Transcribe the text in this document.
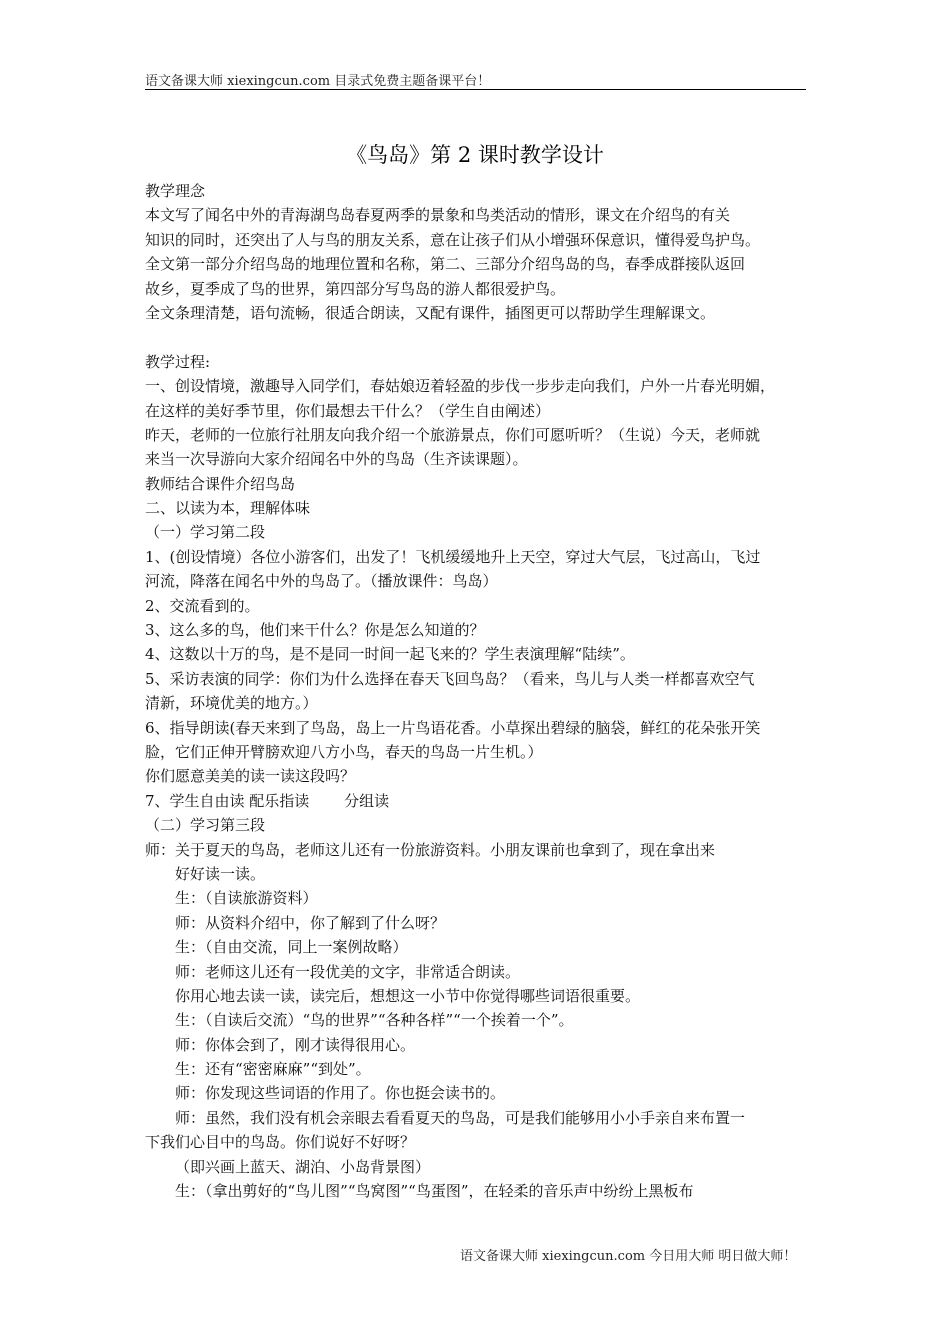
语文备课大师 xiexingcun.com 目录式免费主题备课平台！
《鸟岛》第 2 课时教学设计
教学理念
本文写了闻名中外的青海湖鸟岛春夏两季的景象和鸟类活动的情形，课文在介绍鸟的有关
知识的同时，还突出了人与鸟的朋友关系，意在让孩子们从小增强环保意识，懂得爱鸟护鸟。
全文第一部分介绍鸟岛的地理位置和名称，第二、三部分介绍鸟岛的鸟，春季成群接队返回
故乡，夏季成了鸟的世界，第四部分写鸟岛的游人都很爱护鸟。
全文条理清楚，语句流畅，很适合朗读，又配有课件，插图更可以帮助学生理解课文。
教学过程:
一、创设情境，激趣导入同学们，春姑娘迈着轻盈的步伐一步步走向我们，户外一片春光明媚，
在这样的美好季节里，你们最想去干什么？（学生自由阐述）
昨天，老师的一位旅行社朋友向我介绍一个旅游景点，你们可愿听听？（生说）今天，老师就
来当一次导游向大家介绍闻名中外的鸟岛（生齐读课题）。
教师结合课件介绍鸟岛
二、以读为本，理解体味
（一）学习第二段
1、(创设情境）各位小游客们，出发了！飞机缓缓地升上天空，穿过大气层，飞过高山，飞过
河流，降落在闻名中外的鸟岛了。（播放课件：鸟岛）
2、交流看到的。
3、这么多的鸟，他们来干什么？你是怎么知道的？
4、这数以十万的鸟，是不是同一时间一起飞来的？学生表演理解“陆续”。
5、采访表演的同学：你们为什么选择在春天飞回鸟岛？（看来，鸟儿与人类一样都喜欢空气
清新，环境优美的地方。）
6、指导朗读(春天来到了鸟岛，岛上一片鸟语花香。小草探出碧绿的脑袋，鲜红的花朵张开笑
脸，它们正伸开臂膀欢迎八方小鸟，春天的鸟岛一片生机。）
你们愿意美美的读一读这段吗？
7、学生自由读 配乐指读　　 分组读
（二）学习第三段
师：关于夏天的鸟岛，老师这儿还有一份旅游资料。小朋友课前也拿到了，现在拿出来
好好读一读。
生：（自读旅游资料）
师：从资料介绍中，你了解到了什么呀？
生：（自由交流，同上一案例故略）
师：老师这儿还有一段优美的文字，非常适合朗读。
你用心地去读一读，读完后，想想这一小节中你觉得哪些词语很重要。
生：（自读后交流）“鸟的世界”“各种各样”“一个挨着一个”。
师：你体会到了，刚才读得很用心。
生：还有“密密麻麻”“到处”。
师：你发现这些词语的作用了。你也挺会读书的。
师：虽然，我们没有机会亲眼去看看夏天的鸟岛，可是我们能够用小小手亲自来布置一
下我们心目中的鸟岛。你们说好不好呀？
（即兴画上蓝天、湖泊、小岛背景图）
生：（拿出剪好的“鸟儿图”“鸟窝图”“鸟蛋图”，在轻柔的音乐声中纷纷上黑板布
语文备课大师 xiexingcun.com 今日用大师 明日做大师！
